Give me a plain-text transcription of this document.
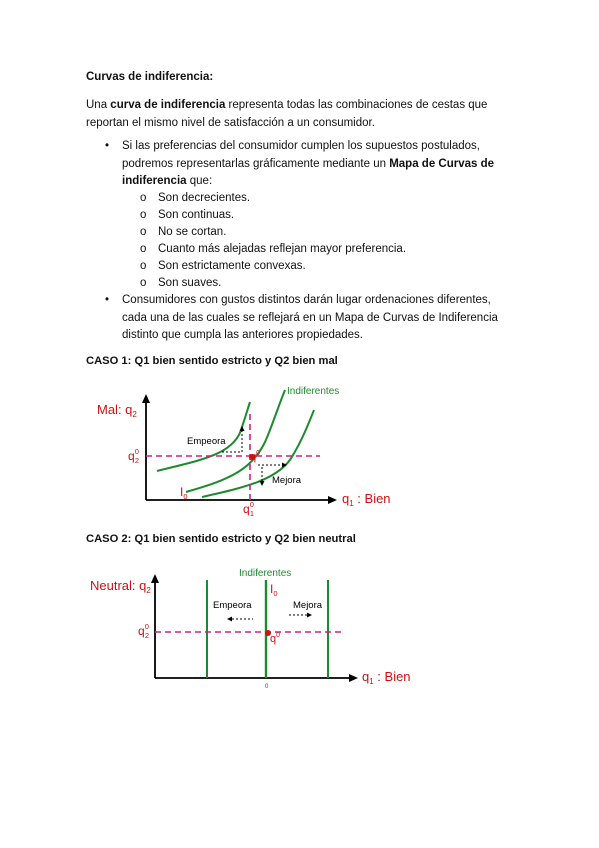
Curvas de indiferencia:
Una curva de indiferencia representa todas las combinaciones de cestas que reportan el mismo nivel de satisfacción a un consumidor.
• Si las preferencias del consumidor cumplen los supuestos postulados, podremos representarlas gráficamente mediante un Mapa de Curvas de indiferencia que:
o Son decrecientes.
o Son continuas.
o No se cortan.
o Cuanto más alejadas reflejan mayor preferencia.
o Son estrictamente convexas.
o Son suaves.
• Consumidores con gustos distintos darán lugar ordenaciones diferentes, cada una de las cuales se reflejará en un Mapa de Curvas de Indiferencia distinto que cumpla las anteriores propiedades.
CASO 1: Q1 bien sentido estricto y Q2 bien mal
Mal: $q_2$
$q_1$ : Bien
Indiferentes
Empeora
Mejora
$q^0$ 2
$q^0$ 1
$q^0$
$I_0$
CASO 2: Q1 bien sentido estricto y Q2 bien neutral
Neutral: $q_2$
$q_1$ : Bien
Indiferentes
Empeora	Mejora
$q^0$ 2	$q^0$
$I_0$
0
